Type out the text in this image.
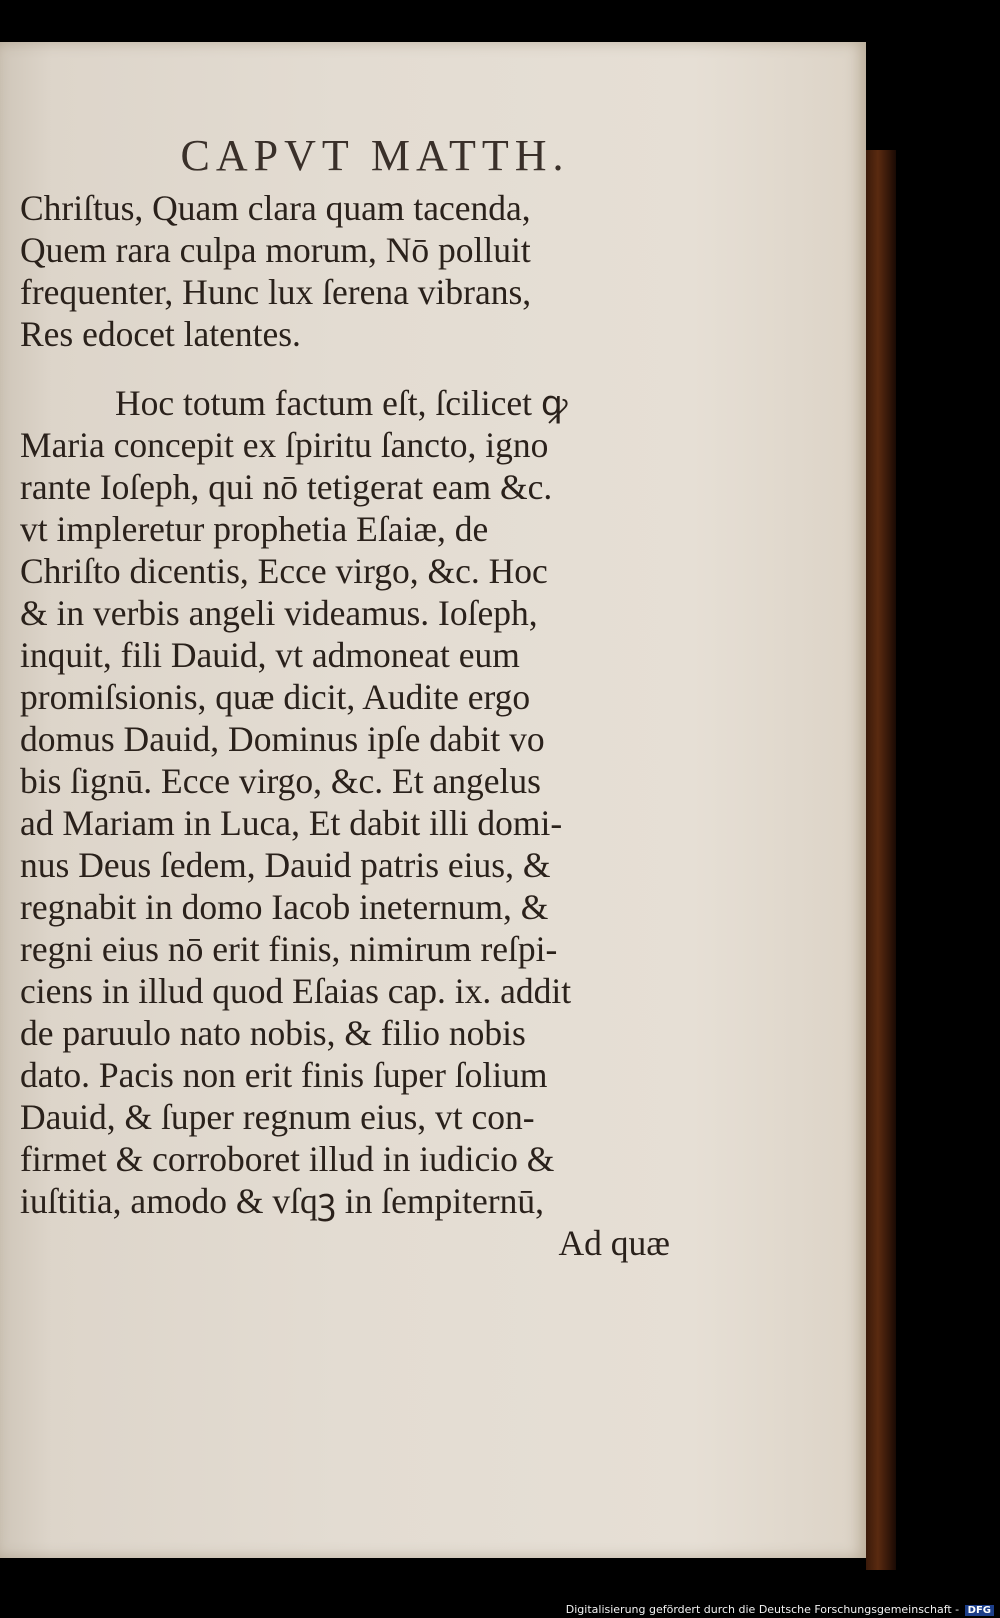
CAPVT MATTH.
Chriſtus, Quam clara quam tacenda,
Quem rara culpa morum, Nō polluit
frequenter, Hunc lux ſerena vibrans,
Res edocet latentes.
Hoc totum factum eſt, ſcilicet ꝙ
Maria concepit ex ſpiritu ſancto, igno
rante Ioſeph, qui nō tetigerat eam &c.
vt impleretur prophetia Eſaiæ, de
Chriſto dicentis, Ecce virgo, &c. Hoc
& in verbis angeli videamus. Ioſeph,
inquit, fili Dauid, vt admoneat eum
promiſsionis, quæ dicit, Audite ergo
domus Dauid, Dominus ipſe dabit vo
bis ſignū. Ecce virgo, &c. Et angelus
ad Mariam in Luca, Et dabit illi domi-
nus Deus ſedem, Dauid patris eius, &
regnabit in domo Iacob ineternum, &
regni eius nō erit finis, nimirum reſpi-
ciens in illud quod Eſaias cap. ix. addit
de paruulo nato nobis, & filio nobis
dato. Pacis non erit finis ſuper ſolium
Dauid, & ſuper regnum eius, vt con-
firmet & corroboret illud in iudicio &
iuſtitia, amodo & vſqꝫ in ſempiternū,
Ad quæ
Digitalisierung gefördert durch die Deutsche Forschungsgemeinschaft - DFG
